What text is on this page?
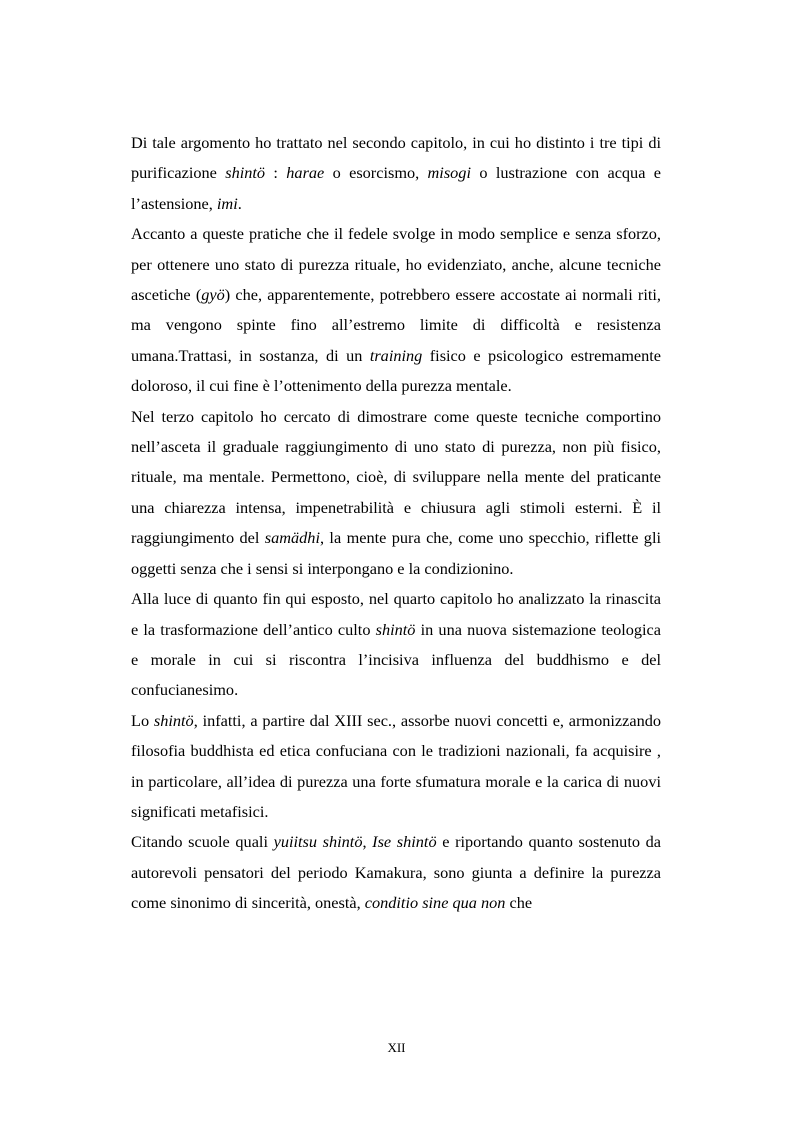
Di tale argomento ho trattato nel secondo capitolo, in cui ho distinto i tre tipi di purificazione shintö : harae o esorcismo, misogi o lustrazione con acqua e l’astensione, imi.

Accanto a queste pratiche che il fedele svolge in modo semplice e senza sforzo, per ottenere uno stato di purezza rituale, ho evidenziato, anche, alcune tecniche ascetiche (gyö) che, apparentemente, potrebbero essere accostate ai normali riti, ma vengono spinte fino all’estremo limite di difficoltà e resistenza umana.Trattasi, in sostanza, di un training fisico e psicologico estremamente doloroso, il cui fine è l’ottenimento della purezza mentale.

Nel terzo capitolo ho cercato di dimostrare come queste tecniche comportino nell’asceta il graduale raggiungimento di uno stato di purezza, non più fisico, rituale, ma mentale. Permettono, cioè, di sviluppare nella mente del praticante una chiarezza intensa, impenetrabilità e chiusura agli stimoli esterni. È il raggiungimento del samädhi, la mente pura che, come uno specchio, riflette gli oggetti senza che i sensi si interpongano e la condizionino.

Alla luce di quanto fin qui esposto, nel quarto capitolo ho analizzato la rinascita e la trasformazione dell’antico culto shintö in una nuova sistemazione teologica e morale in cui si riscontra l’incisiva influenza del buddhismo e del confucianesimo.

Lo shintö, infatti, a partire dal XIII sec., assorbe nuovi concetti e, armonizzando filosofia buddhista ed etica confuciana con le tradizioni nazionali, fa acquisire , in particolare, all’idea di purezza una forte sfumatura morale e la carica di nuovi significati metafisici.

Citando scuole quali yuiitsu shintö, Ise shintö e riportando quanto sostenuto da autorevoli pensatori del periodo Kamakura, sono giunta a definire la purezza come sinonimo di sincerità, onestà, conditio sine qua non che

XII
